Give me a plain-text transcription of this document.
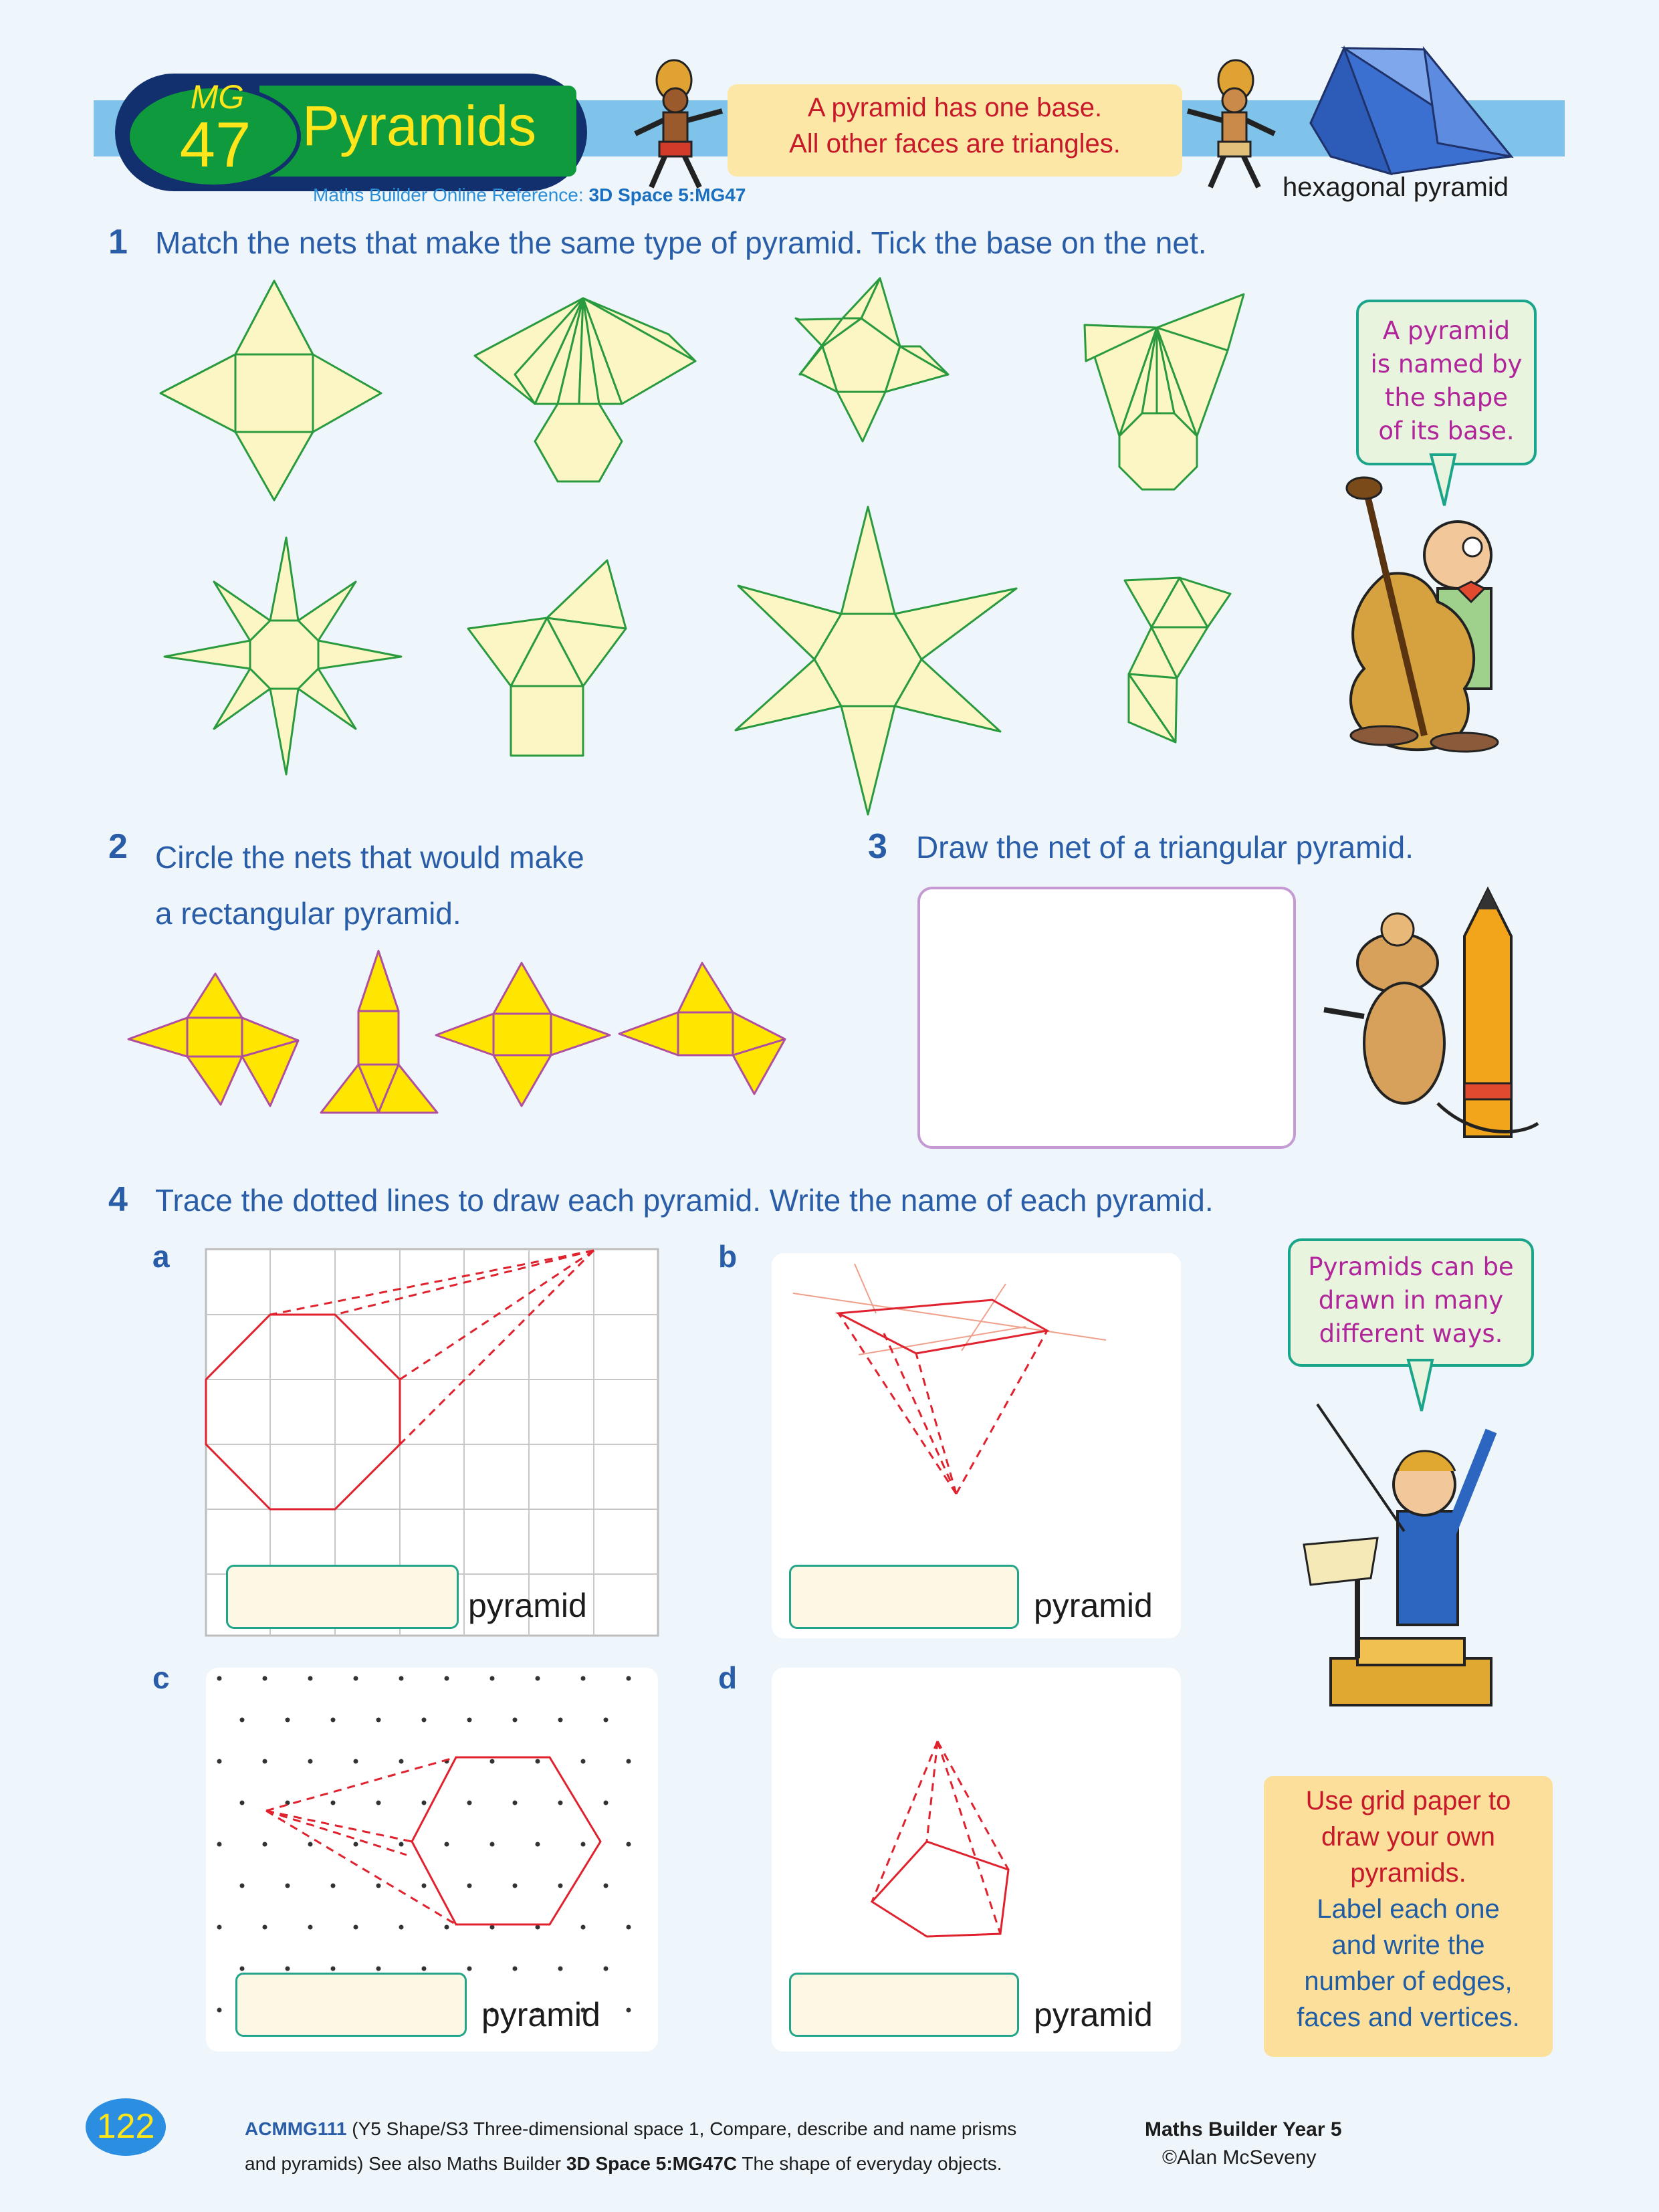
MG
47 Pyramids
Maths Builder Online Reference: 3D Space 5:MG47
A pyramid has one base.
All other faces are triangles.
hexagonal pyramid
1 Match the nets that make the same type of pyramid. Tick the base on the net.
A pyramid
is named by
the shape
of its base.
2 Circle the nets that would make
a rectangular pyramid.
3 Draw the net of a triangular pyramid.
4 Trace the dotted lines to draw each pyramid. Write the name of each pyramid.
a
pyramid
b
pyramid
c
pyramid
d
pyramid
Pyramids can be
drawn in many
different ways.
Use grid paper to
draw your own
pyramids.
Label each one
and write the
number of edges,
faces and vertices.
122	ACMMG111 (Y5 Shape/S3 Three-dimensional space 1, Compare, describe and name prisms
and pyramids) See also Maths Builder 3D Space 5:MG47C The shape of everyday objects.
Maths Builder Year 5
©Alan McSeveny
